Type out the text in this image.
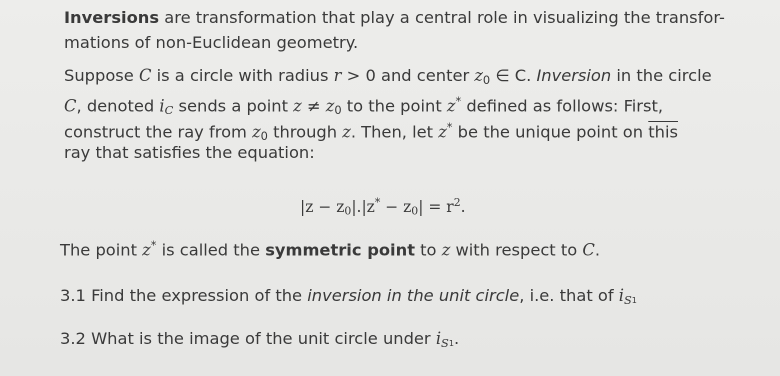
Inversions are transformation that play a central role in visualizing the transfor-
mations of non-Euclidean geometry.
Suppose C is a circle with radius r > 0 and center $z_0$ ∈ C. Inversion in the circle
C, denoted $i_C$ sends a point $z \ne z_0$ to the point z* defined as follows: First,
construct the ray from $z_0$ through z. Then, let z* be the unique point on this
ray that satisfies the equation:
$|z - z_0|.|z^* - z_0| = r^2$.
The point z* is called the symmetric point to z with respect to C.
3.1 Find the expression of the inversion in the unit circle, i.e. that of $i_{S1}$
3.2 What is the image of the unit circle under $i_{S1}$.
